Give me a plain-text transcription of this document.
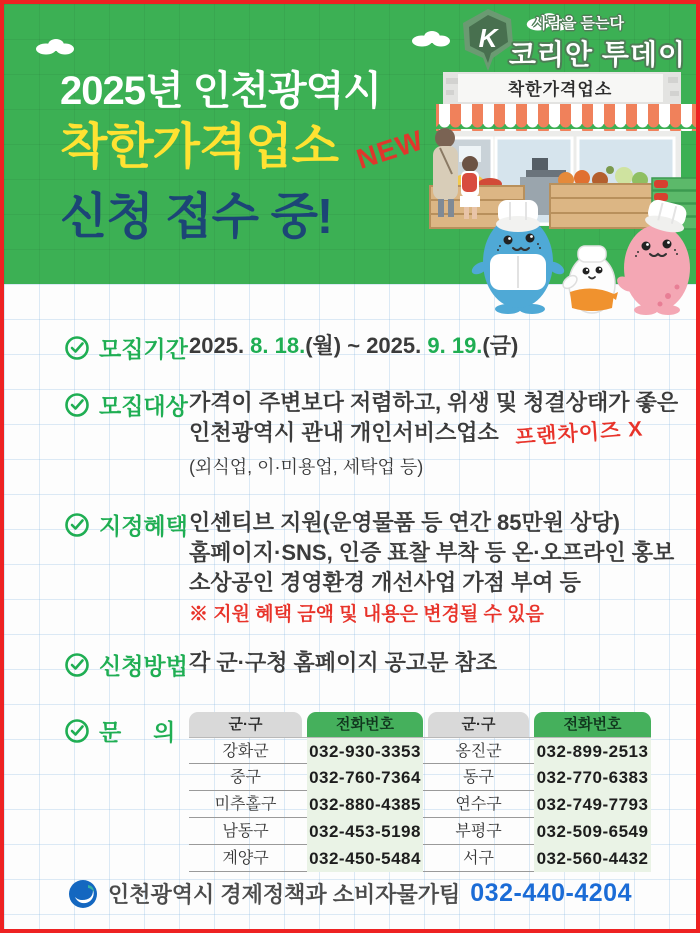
K	사람을 듣는다
코리안 투데이
2025년 인천광역시
착한가격업소 NEW
신청 접수 중!
착한가격업소
모집기간 2025. 8. 18.(월) ~ 2025. 9. 19.(금)
모집대상 가격이 주변보다 저렴하고, 위생 및 청결상태가 좋은
인천광역시 관내 개인서비스업소 프랜차이즈 X
(외식업, 이·미용업, 세탁업 등)
지정혜택 인센티브 지원(운영물품 등 연간 85만원 상당)
홈페이지·SNS, 인증 표찰 부착 등 온·오프라인 홍보
소상공인 경영환경 개선사업 가점 부여 등
※ 지원 혜택 금액 및 내용은 변경될 수 있음
신청방법 각 군·구청 홈페이지 공고문 참조
문     의	군·구	전화번호	군·구	전화번호
강화군	032-930-3353	옹진군	032-899-2513
중구	032-760-7364	동구	032-770-6383
미추홀구	032-880-4385	연수구	032-749-7793
남동구	032-453-5198	부평구	032-509-6549
계양구	032-450-5484	서구	032-560-4432
인천광역시 경제정책과 소비자물가팀 032-440-4204
